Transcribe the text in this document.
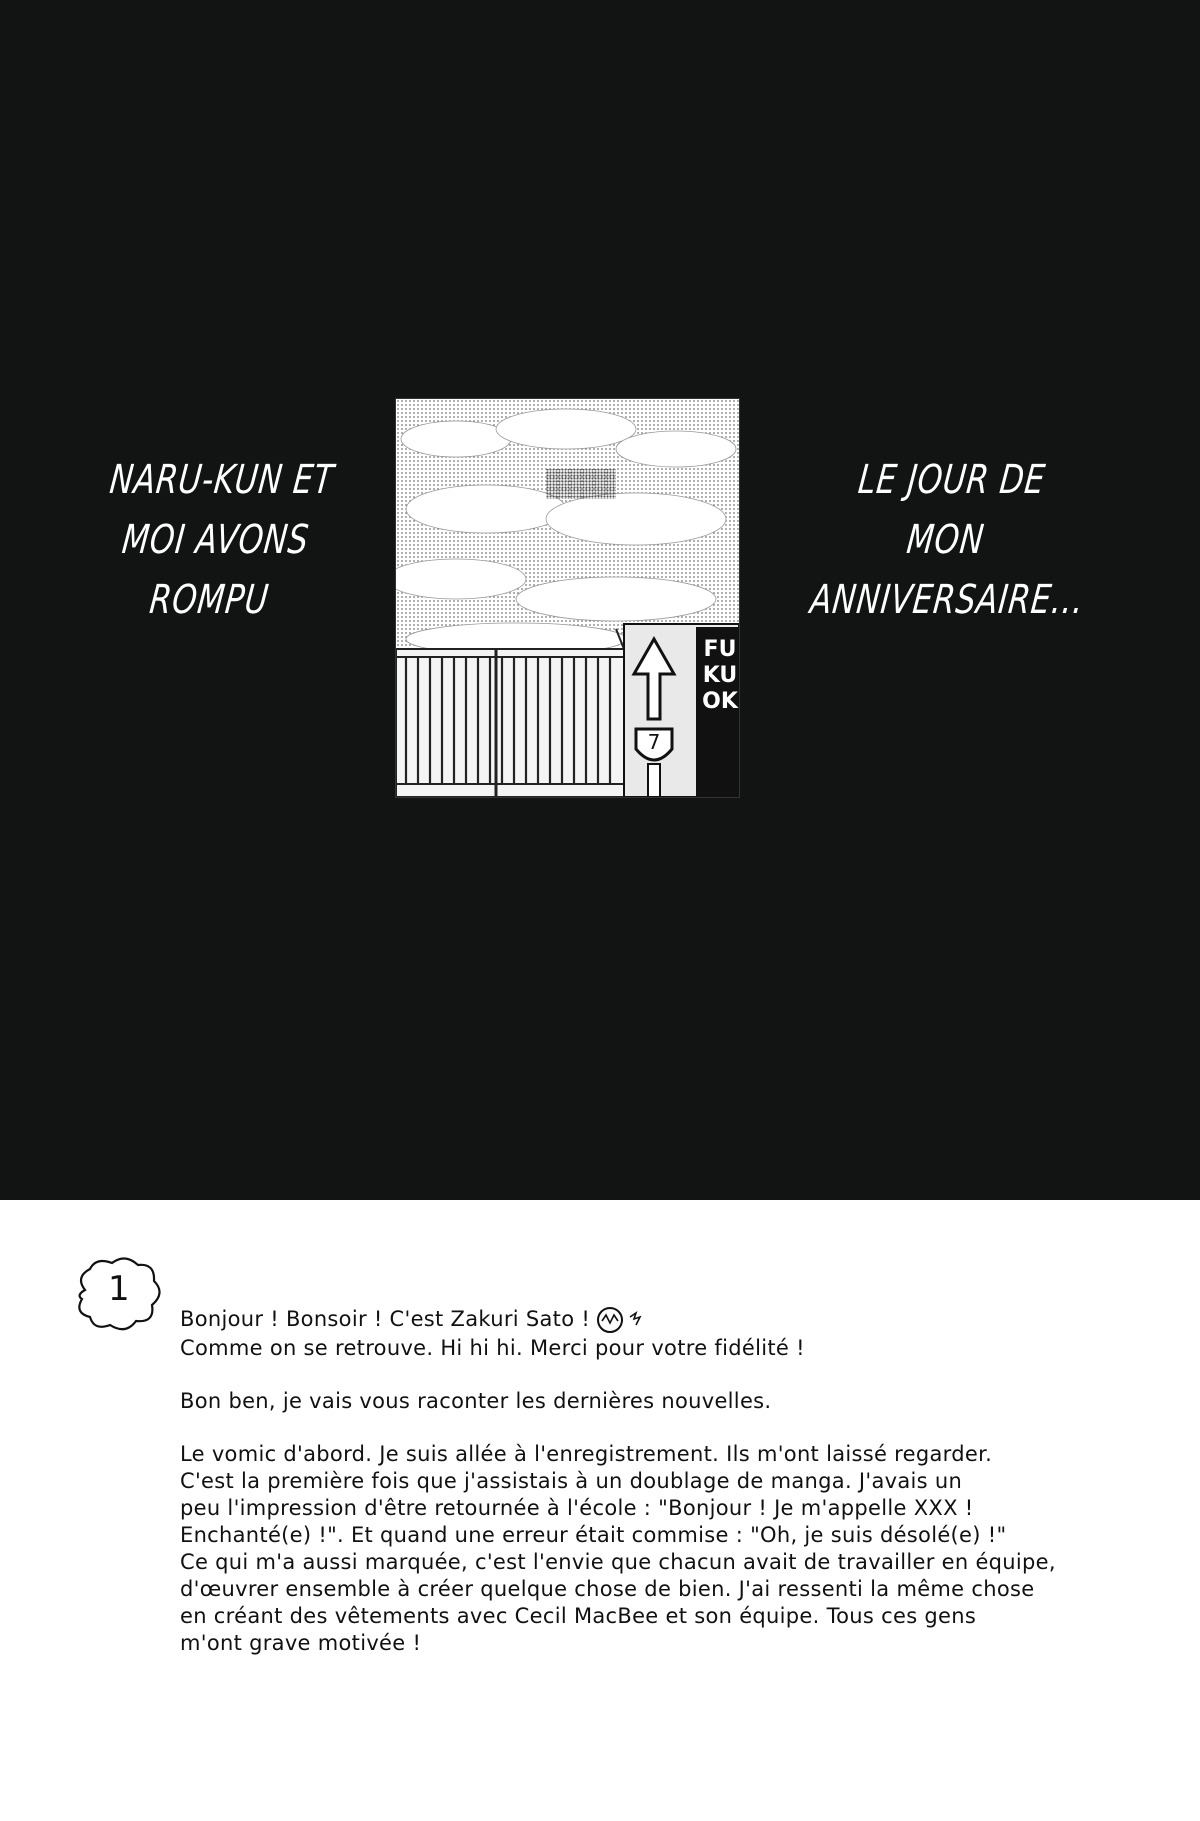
NARU-KUN ET
MOI AVONS
ROMPU
LE JOUR DE MON
ANNIVERSAIRE...
7
FUKUOK
1

Bonjour ! Bonsoir ! C'est Zakuri Sato !
Comme on se retrouve. Hi hi hi. Merci pour votre fidélité !

Bon ben, je vais vous raconter les dernières nouvelles.

Le vomic d'abord. Je suis allée à l'enregistrement. Ils m'ont laissé regarder.
C'est la première fois que j'assistais à un doublage de manga. J'avais un
peu l'impression d'être retournée à l'école : "Bonjour ! Je m'appelle XXX !
Enchanté(e) !". Et quand une erreur était commise : "Oh, je suis désolé(e) !"
Ce qui m'a aussi marquée, c'est l'envie que chacun avait de travailler en équipe,
d'œuvrer ensemble à créer quelque chose de bien. J'ai ressenti la même chose
en créant des vêtements avec Cecil MacBee et son équipe. Tous ces gens
m'ont grave motivée !
